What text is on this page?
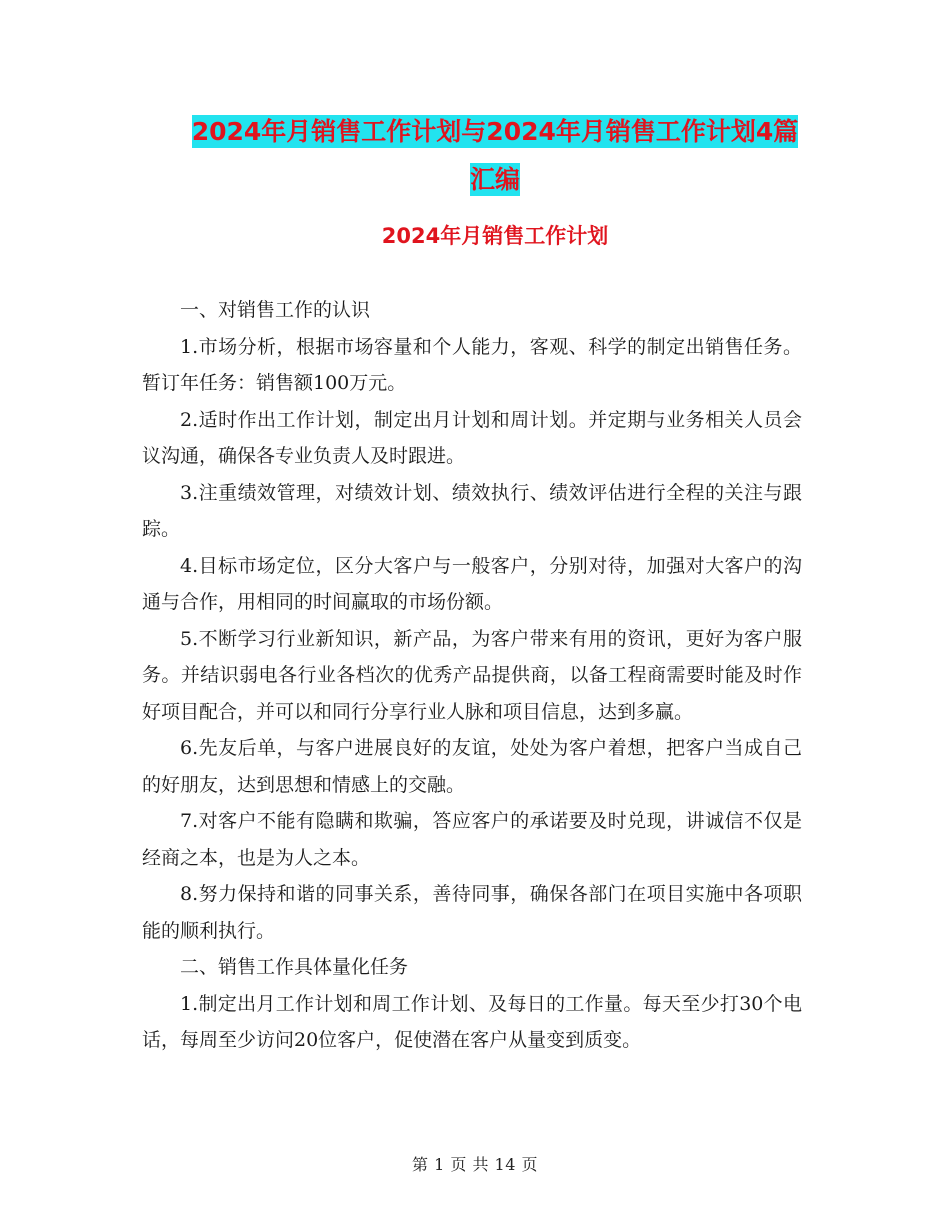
2024年月销售工作计划与2024年月销售工作计划4篇
汇编
2024年月销售工作计划

一、对销售工作的认识

1.市场分析，根据市场容量和个人能力，客观、科学的制定出销售任务。暂订年任务：销售额100万元。

2.适时作出工作计划，制定出月计划和周计划。并定期与业务相关人员会议沟通，确保各专业负责人及时跟进。

3.注重绩效管理，对绩效计划、绩效执行、绩效评估进行全程的关注与跟踪。

4.目标市场定位，区分大客户与一般客户，分别对待，加强对大客户的沟通与合作，用相同的时间赢取的市场份额。

5.不断学习行业新知识，新产品，为客户带来有用的资讯，更好为客户服务。并结识弱电各行业各档次的优秀产品提供商，以备工程商需要时能及时作好项目配合，并可以和同行分享行业人脉和项目信息，达到多赢。

6.先友后单，与客户进展良好的友谊，处处为客户着想，把客户当成自己的好朋友，达到思想和情感上的交融。

7.对客户不能有隐瞒和欺骗，答应客户的承诺要及时兑现，讲诚信不仅是经商之本，也是为人之本。

8.努力保持和谐的同事关系，善待同事，确保各部门在项目实施中各项职能的顺利执行。

二、销售工作具体量化任务

1.制定出月工作计划和周工作计划、及每日的工作量。每天至少打30个电话，每周至少访问20位客户，促使潜在客户从量变到质变。

第 1 页 共 14 页
